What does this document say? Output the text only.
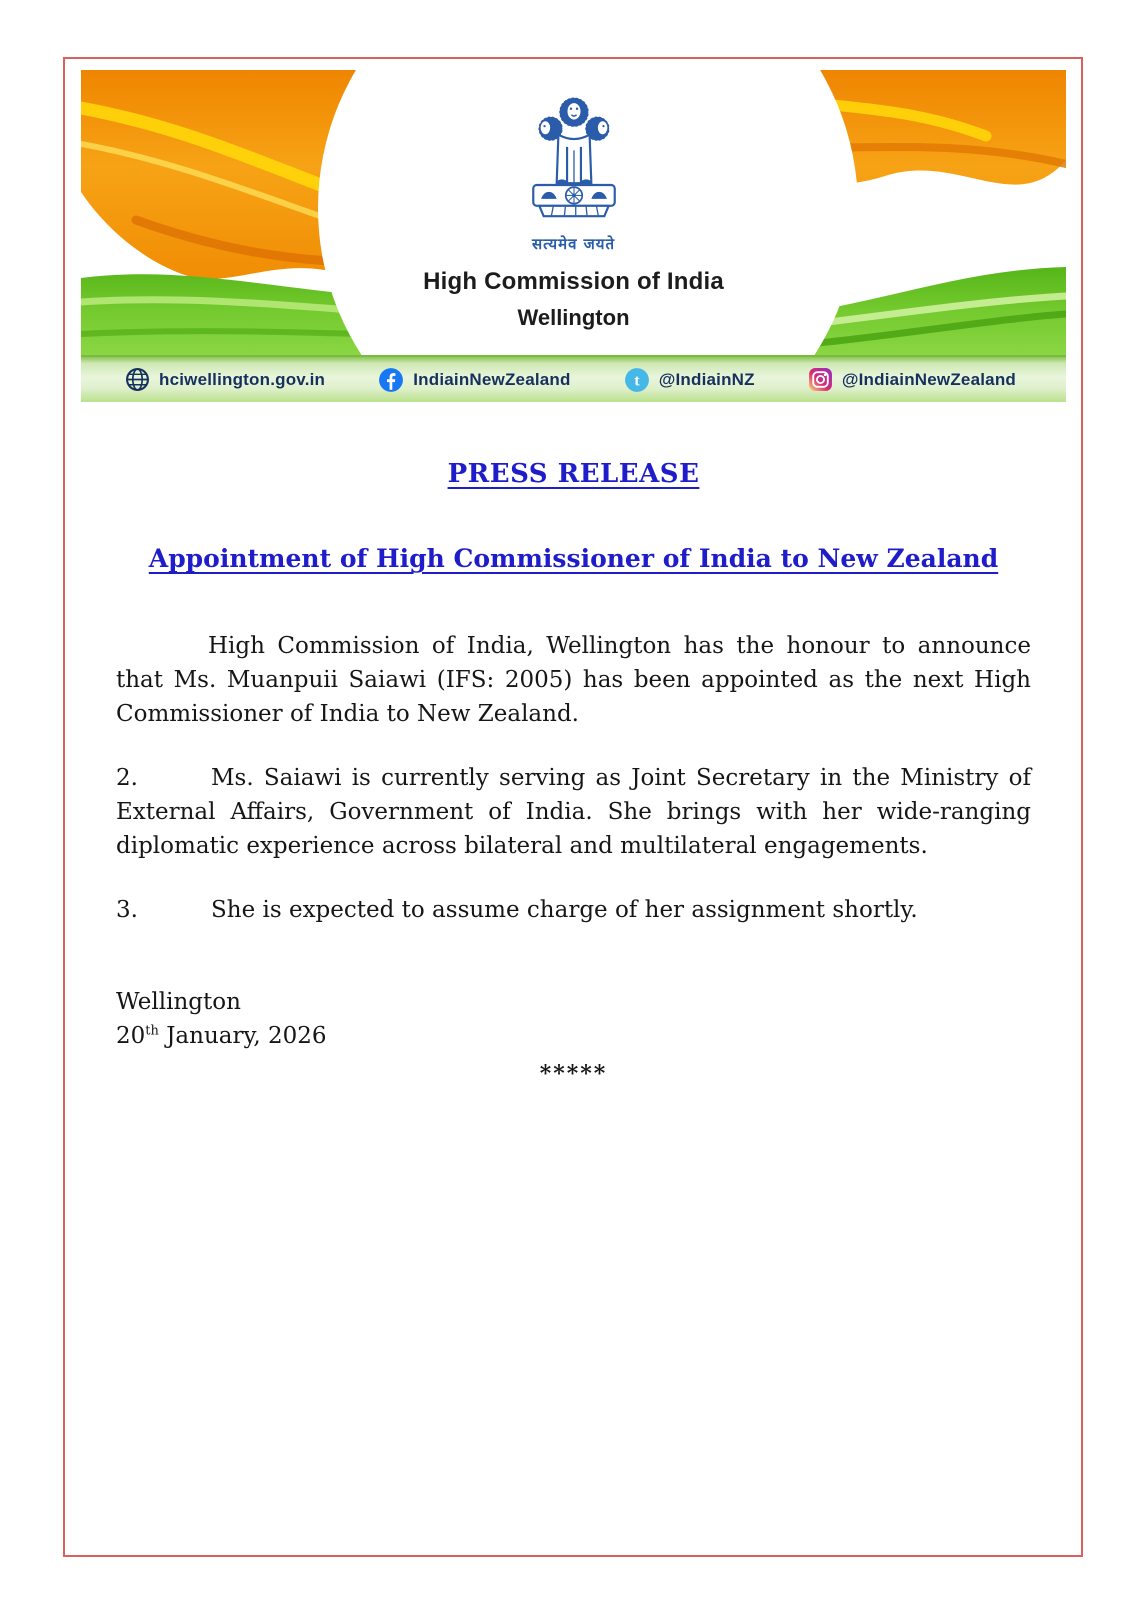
सत्यमेव जयते
High Commission of India
Wellington
hciwellington.gov.in	IndiainNewZealand	t @IndiainNZ	@IndiainNewZealand
PRESS RELEASE
Appointment of High Commissioner of India to New Zealand

High Commission of India, Wellington has the honour to announce that Ms. Muanpuii Saiawi (IFS: 2005) has been appointed as the next High Commissioner of India to New Zealand.

2.	Ms. Saiawi is currently serving as Joint Secretary in the Ministry of External Affairs, Government of India. She brings with her wide-ranging diplomatic experience across bilateral and multilateral engagements.

3.	She is expected to assume charge of her assignment shortly.

Wellington
20th January, 2026
*****
